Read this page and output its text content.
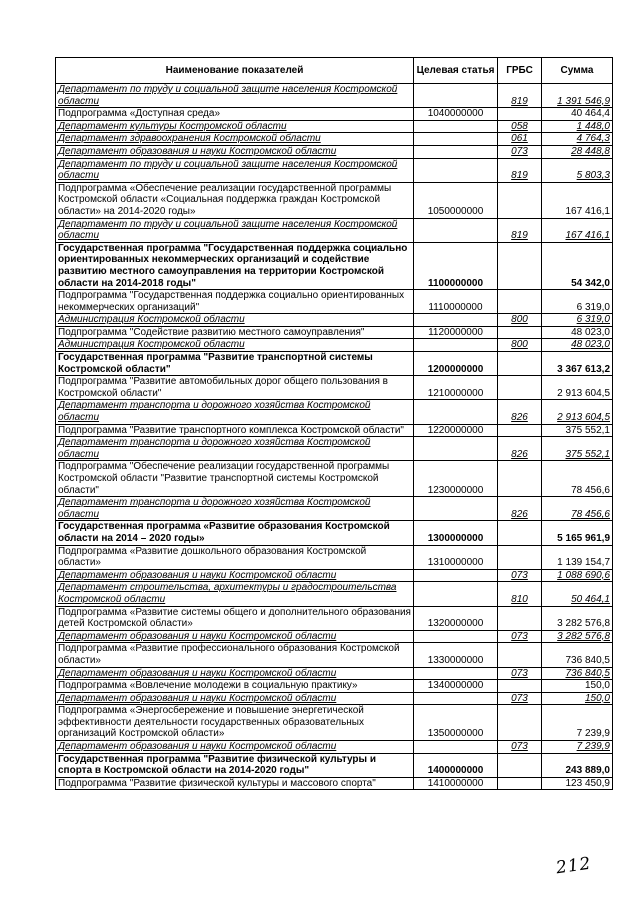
Наименование показателей	Целевая статья	ГРБС	Сумма
Департамент по труду и социальной защите населения Костромской области		819	1 391 546,9
Подпрограмма «Доступная среда»	1040000000		40 464,4
Департамент культуры Костромской области		058	1 448,0
Департамент здравоохранения Костромской области		061	4 764,3
Департамент образования и науки Костромской области		073	28 448,8
Департамент по труду и социальной защите населения Костромской области		819	5 803,3
Подпрограмма «Обеспечение реализации государственной программы Костромской области «Социальная поддержка граждан Костромской области» на 2014-2020 годы»	1050000000		167 416,1
Департамент по труду и социальной защите населения Костромской области		819	167 416,1
Государственная программа "Государственная поддержка социально ориентированных некоммерческих организаций и содействие развитию местного самоуправления на территории Костромской области на 2014-2018 годы"	1100000000		54 342,0
Подпрограмма "Государственная поддержка социально ориентированных некоммерческих организаций"	1110000000		6 319,0
Администрация Костромской области		800	6 319,0
Подпрограмма "Содействие развитию местного самоуправления"	1120000000		48 023,0
Администрация Костромской области		800	48 023,0
Государственная программа "Развитие транспортной системы Костромской области"	1200000000		3 367 613,2
Подпрограмма "Развитие автомобильных дорог общего пользования в Костромской области"	1210000000		2 913 604,5
Департамент транспорта и дорожного хозяйства Костромской области		826	2 913 604,5
Подпрограмма "Развитие транспортного комплекса Костромской области"	1220000000		375 552,1
Департамент транспорта и дорожного хозяйства Костромской области		826	375 552,1
Подпрограмма "Обеспечение реализации государственной программы Костромской области "Развитие транспортной системы Костромской области"	1230000000		78 456,6
Департамент транспорта и дорожного хозяйства Костромской области		826	78 456,6
Государственная программа «Развитие образования Костромской области на 2014 – 2020 годы»	1300000000		5 165 961,9
Подпрограмма «Развитие дошкольного образования Костромской области»	1310000000		1 139 154,7
Департамент образования и науки Костромской области		073	1 088 690,6
Департамент строительства, архитектуры и градостроительства Костромской области		810	50 464,1
Подпрограмма «Развитие системы общего и дополнительного образования детей Костромской области»	1320000000		3 282 576,8
Департамент образования и науки Костромской области		073	3 282 576,8
Подпрограмма «Развитие профессионального образования Костромской области»	1330000000		736 840,5
Департамент образования и науки Костромской области		073	736 840,5
Подпрограмма «Вовлечение молодежи в социальную практику»	1340000000		150,0
Департамент образования и науки Костромской области		073	150,0
Подпрограмма «Энергосбережение и повышение энергетической эффективности деятельности государственных образовательных организаций Костромской области»	1350000000		7 239,9
Департамент образования и науки Костромской области		073	7 239,9
Государственная программа "Развитие физической культуры и спорта в Костромской области на 2014-2020 годы"	1400000000		243 889,0
Подпрограмма "Развитие физической культуры и массового спорта"	1410000000		123 450,9
212
